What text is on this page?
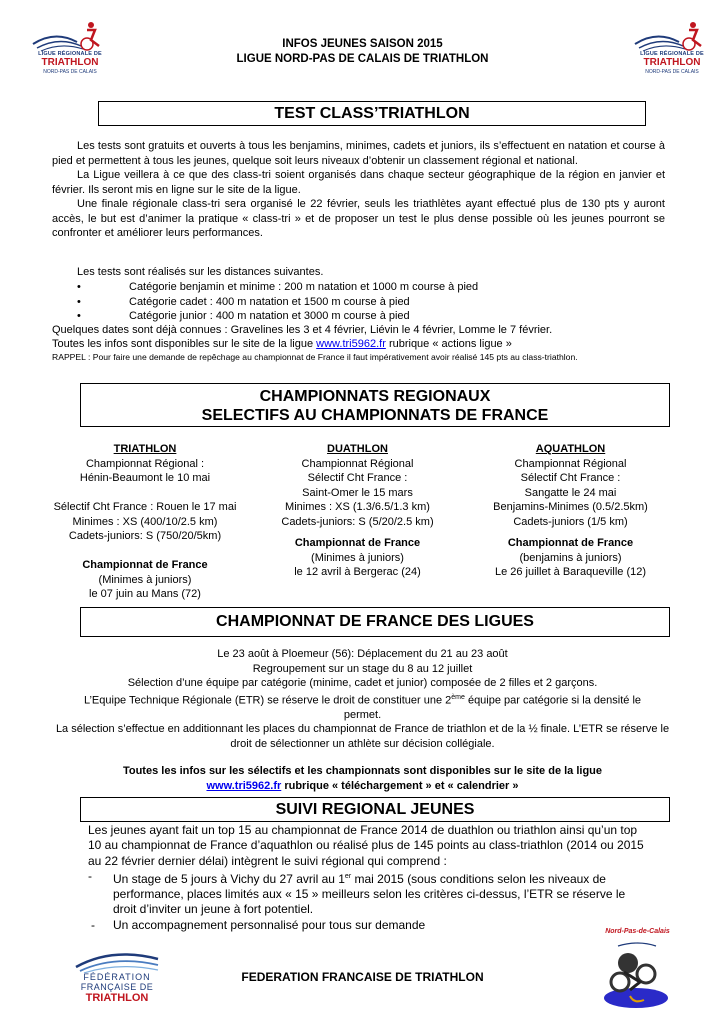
LIGUE RÉGIONALE DE
TRIATHLON
NORD-PAS DE CALAIS
LIGUE RÉGIONALE DE
TRIATHLON
NORD-PAS DE CALAIS
INFOS JEUNES SAISON 2015
LIGUE NORD-PAS DE CALAIS DE TRIATHLON
TEST CLASS’TRIATHLON

Les tests sont gratuits et ouverts à tous les benjamins, minimes, cadets et juniors, ils s’effectuent en natation et course à pied et permettent à tous les jeunes, quelque soit leurs niveaux d’obtenir un classement régional et national.

La Ligue veillera à ce que des class-tri soient organisés dans chaque secteur géographique de la région en janvier et février. Ils seront mis en ligne sur le site de la ligue.

Une finale régionale class-tri sera organisé le 22 février, seuls les triathlètes ayant effectué plus de 130 pts y auront accès, le but est d’animer la pratique « class-tri » et de proposer un test le plus dense possible où les jeunes pourront se confronter et améliorer leurs performances.

Les tests sont réalisés sur les distances suivantes.
•	Catégorie benjamin et minime : 200 m natation et 1000 m course à pied
•	Catégorie cadet : 400 m natation et 1500 m course à pied
•	Catégorie junior : 400 m natation et 3000 m course à pied
Quelques dates sont déjà connues : Gravelines les 3 et 4 février, Liévin le 4 février, Lomme le 7 février.
Toutes les infos sont disponibles sur le site de la ligue www.tri5962.fr rubrique « actions ligue »
RAPPEL : Pour faire une demande de repêchage au championnat de France il faut impérativement avoir réalisé 145 pts au class-triathlon.
CHAMPIONNATS REGIONAUX
SELECTIFS AU CHAMPIONNATS DE FRANCE
TRIATHLON
Championnat Régional :
Hénin-Beaumont le 10 mai
Sélectif Cht France : Rouen le 17 mai
Minimes : XS (400/10/2.5 km)
Cadets-juniors: S (750/20/5km)
Championnat de France
(Minimes à juniors)
le 07 juin au Mans (72)
DUATHLON
Championnat Régional
Sélectif Cht France :
Saint-Omer le 15 mars
Minimes : XS (1.3/6.5/1.3 km)
Cadets-juniors: S (5/20/2.5 km)
Championnat de France
(Minimes à juniors)
le 12 avril à Bergerac (24)
AQUATHLON
Championnat Régional
Sélectif Cht France :
Sangatte le 24 mai
Benjamins-Minimes (0.5/2.5km)
Cadets-juniors (1/5 km)
Championnat de France
(benjamins à juniors)
Le 26 juillet à Baraqueville (12)
CHAMPIONNAT DE FRANCE DES LIGUES
Le 23 août à Ploemeur (56): Déplacement du 21 au 23 août
Regroupement sur un stage du 8 au 12 juillet
Sélection d’une équipe par catégorie (minime, cadet et junior) composée de 2 filles et 2 garçons.
L’Equipe Technique Régionale (ETR) se réserve le droit de constituer une 2ème équipe par catégorie si la densité le permet.
La sélection s’effectue en additionnant les places du championnat de France de triathlon et de la ½ finale. L’ETR se réserve le droit de sélectionner un athlète sur décision collégiale.
Toutes les infos sur les sélectifs et les championnats sont disponibles sur le site de la ligue
www.tri5962.fr rubrique « téléchargement » et « calendrier »
SUIVI REGIONAL JEUNES
Les jeunes ayant fait un top 15 au championnat de France 2014 de duathlon ou triathlon ainsi qu’un top 10 au championnat de France d’aquathlon ou réalisé plus de 145 points au class-triathlon (2014 ou 2015 au 22 février dernier délai) intègrent le suivi régional qui comprend :
- Un stage de 5 jours à Vichy du 27 avril au 1er mai 2015 (sous conditions selon les niveaux de performance, places limités aux « 15 » meilleurs selon les critères ci-dessus, l’ETR se réserve le droit d’inviter un jeune à fort potentiel.
- Un accompagnement personnalisé pour tous sur demande
FÉDÉRATION
FRANÇAISE DE
TRIATHLON
FEDERATION FRANCAISE DE TRIATHLON
Nord-Pas-de-Calais
